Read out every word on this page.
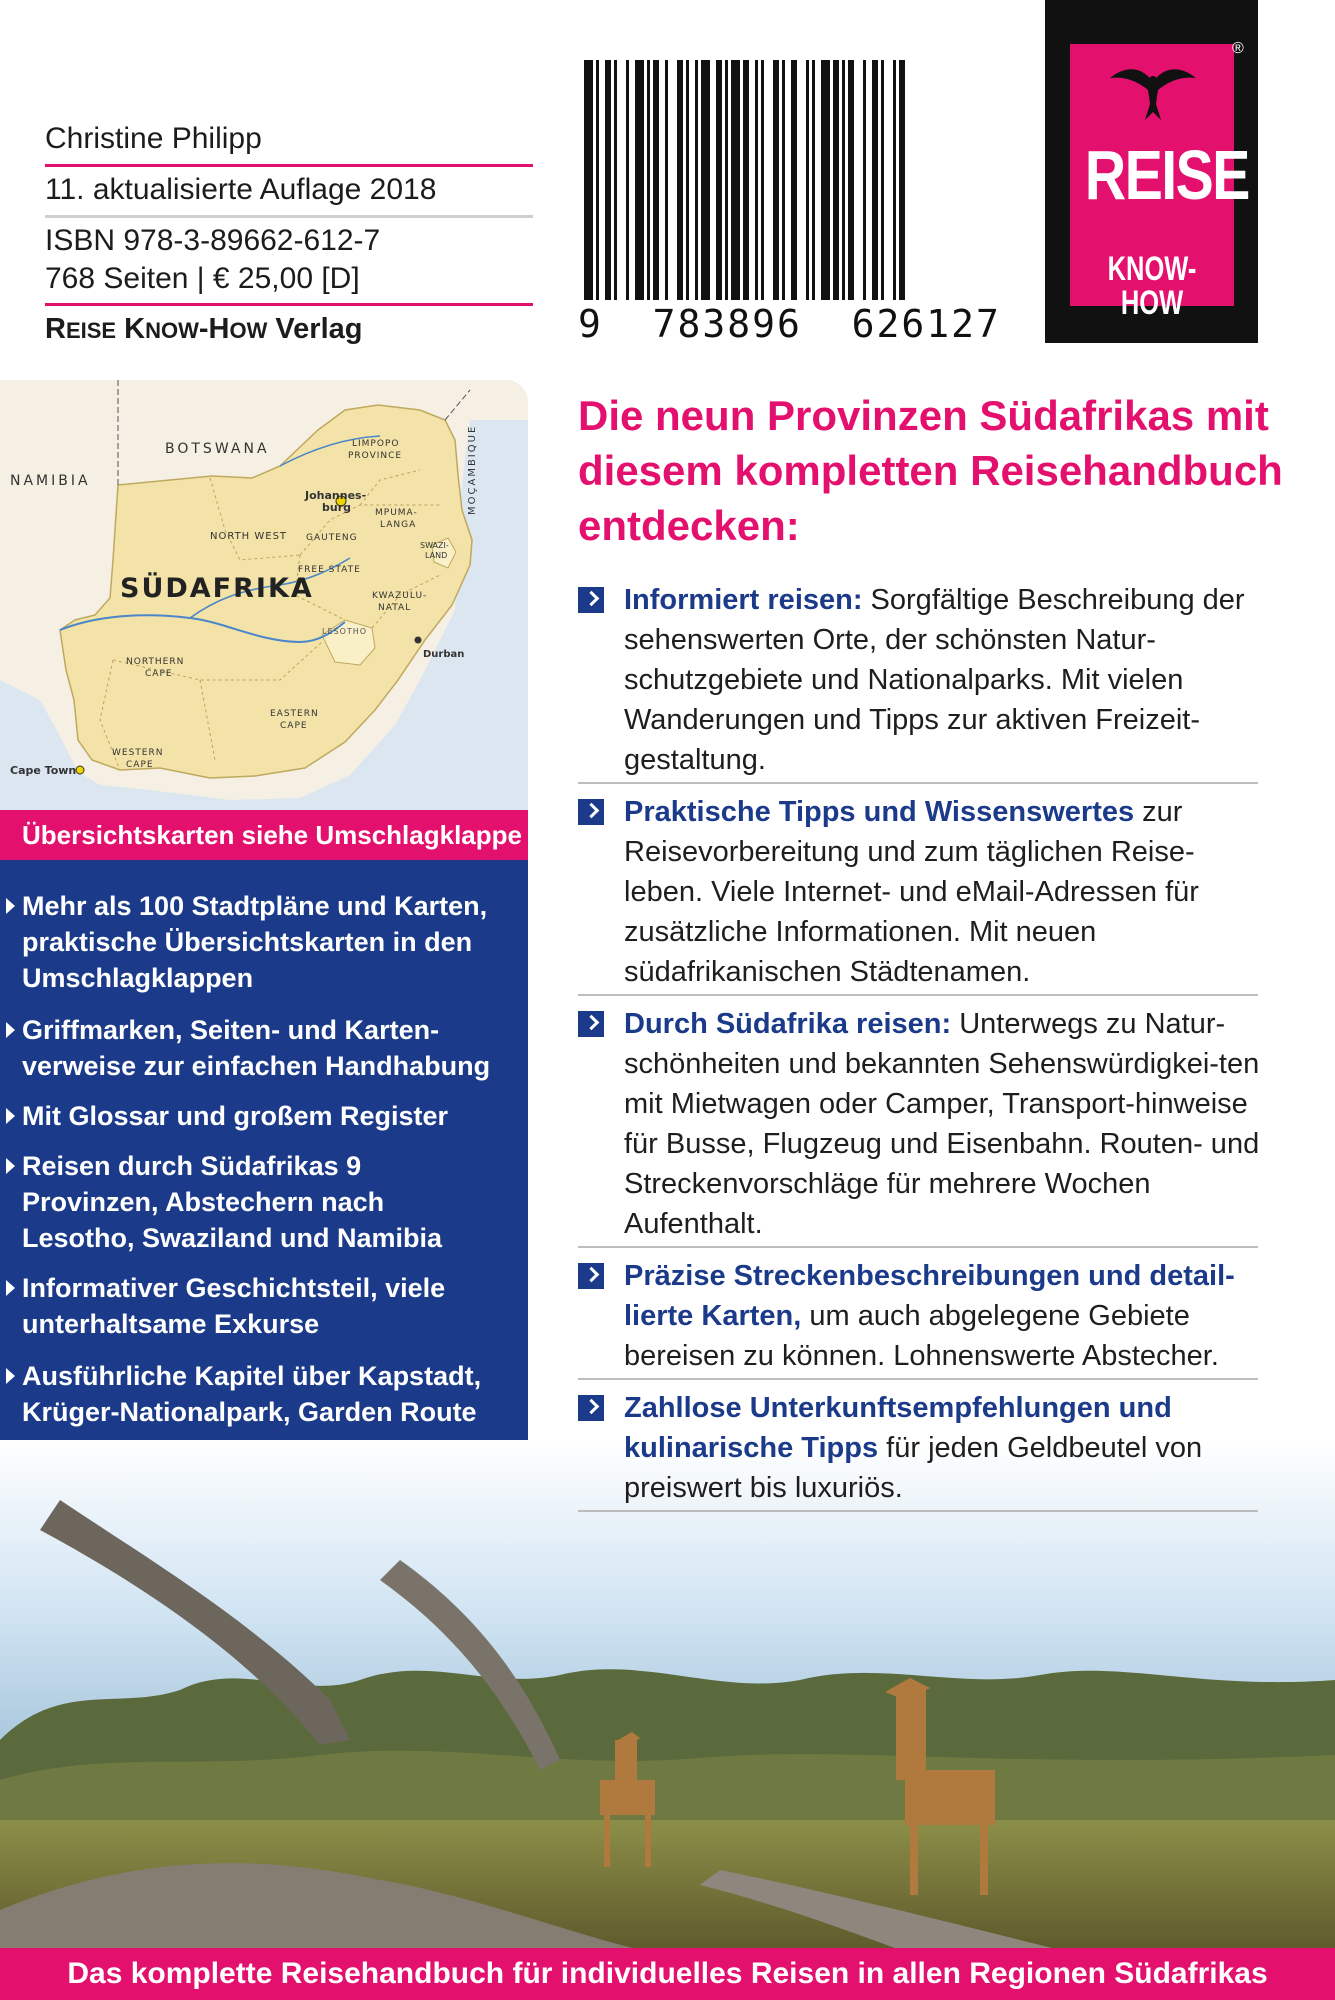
Christine Philipp
11. aktualisierte Auflage 2018
ISBN 978-3-89662-612-7
768 Seiten | € 25,00 [D]
REISE KNOW-HOW Verlag	9  783896  626127
REISE
KNOW-HOW
®
BOTSWANA
NAMIBIA	MOÇAMBIQUE
SÜDAFRIKA
LIMPOPO
PROVINCE
NORTH WEST
Johannes-
burg
GAUTENG
MPUMA-
LANGA
FREE STATE
SWAZI-
LAND
KWAZULU-
NATAL
LESOTHO
Durban
NORTHERN
CAPE
EASTERN
CAPE
WESTERN
CAPE
Cape Town
Übersichtskarten siehe Umschlagklappe
Mehr als 100 Stadtpläne und Karten, praktische Übersichtskarten in den Umschlagklappen
Griffmarken, Seiten- und Karten-verweise zur einfachen Handhabung
Mit Glossar und großem Register
Reisen durch Südafrikas 9 Provinzen, Abstechern nach Lesotho, Swaziland und Namibia
Informativer Geschichtsteil, viele unterhaltsame Exkurse
Ausführliche Kapitel über Kapstadt, Krüger-Nationalpark, Garden Route
Die neun Provinzen Südafrikas mit diesem kompletten Reisehandbuch entdecken:
Informiert reisen: Sorgfältige Beschreibung der sehenswerten Orte, der schönsten Natur-schutzgebiete und Nationalparks. Mit vielen Wanderungen und Tipps zur aktiven Freizeit-gestaltung.
Praktische Tipps und Wissenswertes zur Reisevorbereitung und zum täglichen Reise-leben. Viele Internet- und eMail-Adressen für zusätzliche Informationen. Mit neuen südafrikanischen Städtenamen.
Durch Südafrika reisen: Unterwegs zu Natur-schönheiten und bekannten Sehenswürdigkei-ten mit Mietwagen oder Camper, Transport-hinweise für Busse, Flugzeug und Eisenbahn. Routen- und Streckenvorschläge für mehrere Wochen Aufenthalt.
Präzise Streckenbeschreibungen und detail-lierte Karten, um auch abgelegene Gebiete bereisen zu können. Lohnenswerte Abstecher.
Zahllose Unterkunftsempfehlungen und kulinarische Tipps für jeden Geldbeutel von preiswert bis luxuriös.
Das komplette Reisehandbuch für individuelles Reisen in allen Regionen Südafrikas
